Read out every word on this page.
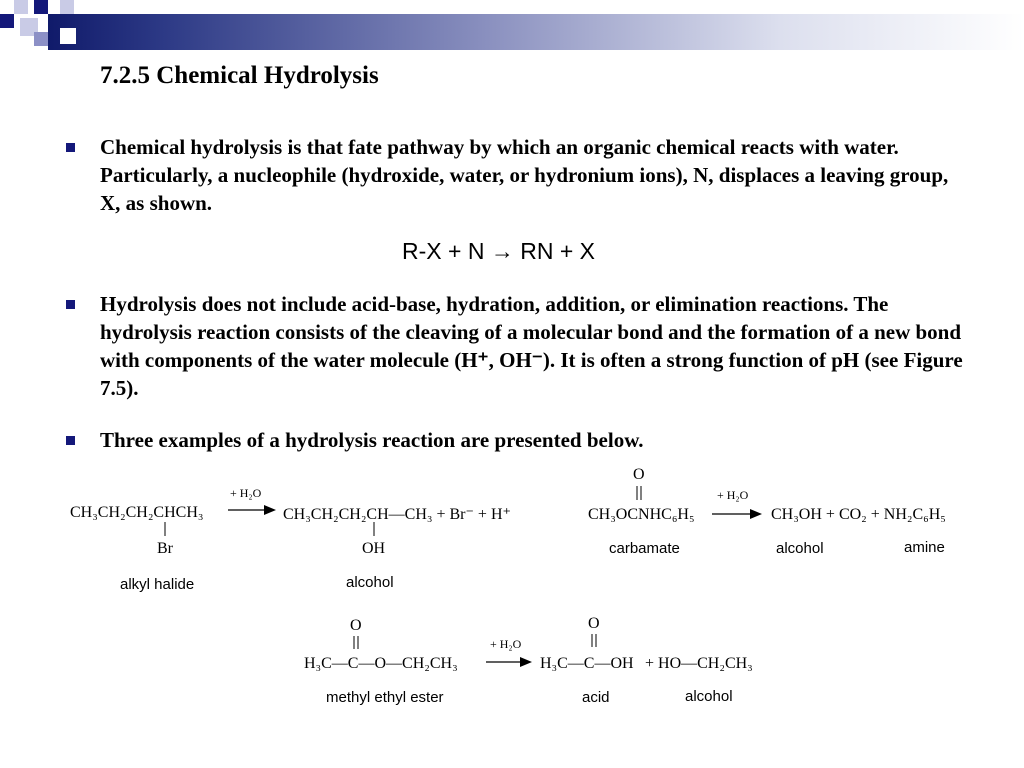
7.2.5 Chemical Hydrolysis

Chemical hydrolysis is that fate pathway by which an organic chemical reacts with water. Particularly, a nucleophile (hydroxide, water, or hydronium ions), N, displaces a leaving group, X, as shown.

R-X + N → RN + X

Hydrolysis does not include acid-base, hydration, addition, or elimination reactions. The hydrolysis reaction consists of the cleaving of a molecular bond and the formation of a new bond with components of the water molecule (H⁺, OH⁻). It is often a strong function of pH (see Figure 7.5).

Three examples of a hydrolysis reaction are presented below.

CH₃CH₂CH₂CHCH₃
Br
+ H₂O
CH₃CH₂CH₂CH—CH₃ + Br⁻ + H⁺
OH
alkyl halide	alcohol
O
CH₃OCNHC₆H₅
+ H₂O
CH₃OH + CO₂ + NH₂C₆H₅
carbamate	alcohol	amine
O
H₃C—C—O—CH₂CH₃
+ H₂O
O
H₃C—C—OH + HO—CH₂CH₃
methyl ethyl ester	acid	alcohol
